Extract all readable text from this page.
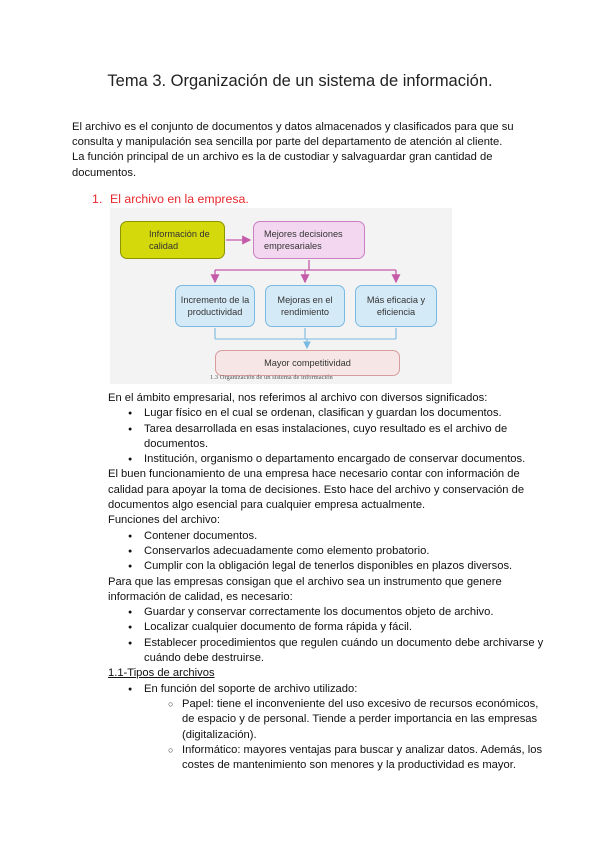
Tema 3. Organización de un sistema de información.

El archivo es el conjunto de documentos y datos almacenados y clasificados para que su consulta y manipulación sea sencilla por parte del departamento de atención al cliente.

La función principal de un archivo es la de custodiar y salvaguardar gran cantidad de documentos.

1. El archivo en la empresa.
Información de calidad
Mejores decisiones empresariales
Incremento de la productividad
Mejoras en el rendimiento
Más eficacia y eficiencia
Mayor competitividad
1.3 Organización de un sistema de información

En el ámbito empresarial, nos referimos al archivo con diversos significados:

● Lugar físico en el cual se ordenan, clasifican y guardan los documentos.
● Tarea desarrollada en esas instalaciones, cuyo resultado es el archivo de documentos.
● Institución, organismo o departamento encargado de conservar documentos.

El buen funcionamiento de una empresa hace necesario contar con información de calidad para apoyar la toma de decisiones. Esto hace del archivo y conservación de documentos algo esencial para cualquier empresa actualmente.

Funciones del archivo:

● Contener documentos.
● Conservarlos adecuadamente como elemento probatorio.
● Cumplir con la obligación legal de tenerlos disponibles en plazos diversos.

Para que las empresas consigan que el archivo sea un instrumento que genere información de calidad, es necesario:

● Guardar y conservar correctamente los documentos objeto de archivo.
● Localizar cualquier documento de forma rápida y fácil.
● Establecer procedimientos que regulen cuándo un documento debe archivarse y cuándo debe destruirse.

1.1-Tipos de archivos

● En función del soporte de archivo utilizado:
○ Papel: tiene el inconveniente del uso excesivo de recursos económicos, de espacio y de personal. Tiende a perder importancia en las empresas (digitalización).
○ Informático: mayores ventajas para buscar y analizar datos. Además, los costes de mantenimiento son menores y la productividad es mayor.
